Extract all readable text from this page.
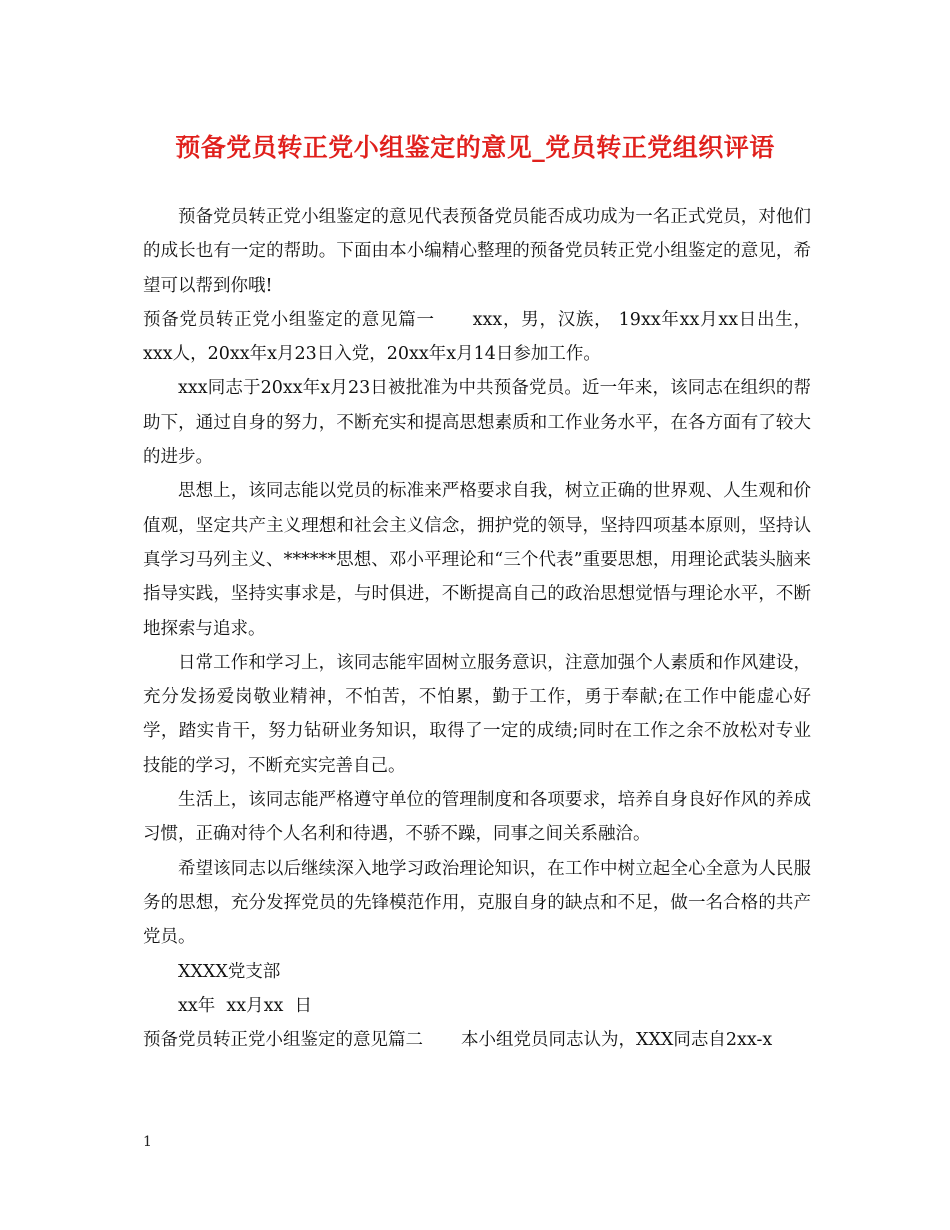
预备党员转正党小组鉴定的意见_党员转正党组织评语

预备党员转正党小组鉴定的意见代表预备党员能否成功成为一名正式党员，对他们的成长也有一定的帮助。下面由本小编精心整理的预备党员转正党小组鉴定的意见，希望可以帮到你哦!

预备党员转正党小组鉴定的意见篇一 xxx，男，汉族， 19xx年xx月xx日出生，xxx人，20xx年x月23日入党，20xx年x月14日参加工作。

xxx同志于20xx年x月23日被批准为中共预备党员。近一年来，该同志在组织的帮助下，通过自身的努力，不断充实和提高思想素质和工作业务水平，在各方面有了较大的进步。

思想上，该同志能以党员的标准来严格要求自我，树立正确的世界观、人生观和价值观，坚定共产主义理想和社会主义信念，拥护党的领导，坚持四项基本原则，坚持认真学习马列主义、******思想、邓小平理论和“三个代表”重要思想，用理论武装头脑来指导实践，坚持实事求是，与时俱进，不断提高自己的政治思想觉悟与理论水平，不断地探索与追求。

日常工作和学习上，该同志能牢固树立服务意识，注意加强个人素质和作风建设，充分发扬爱岗敬业精神，不怕苦，不怕累，勤于工作，勇于奉献;在工作中能虚心好学，踏实肯干，努力钻研业务知识，取得了一定的成绩;同时在工作之余不放松对专业技能的学习，不断充实完善自己。

生活上，该同志能严格遵守单位的管理制度和各项要求，培养自身良好作风的养成习惯，正确对待个人名利和待遇，不骄不躁，同事之间关系融洽。

希望该同志以后继续深入地学习政治理论知识，在工作中树立起全心全意为人民服务的思想，充分发挥党员的先锋模范作用，克服自身的缺点和不足，做一名合格的共产党员。

XXXX党支部

xx年  xx月xx  日

预备党员转正党小组鉴定的意见篇二 本小组党员同志认为，XXX同志自2xx-x

1
